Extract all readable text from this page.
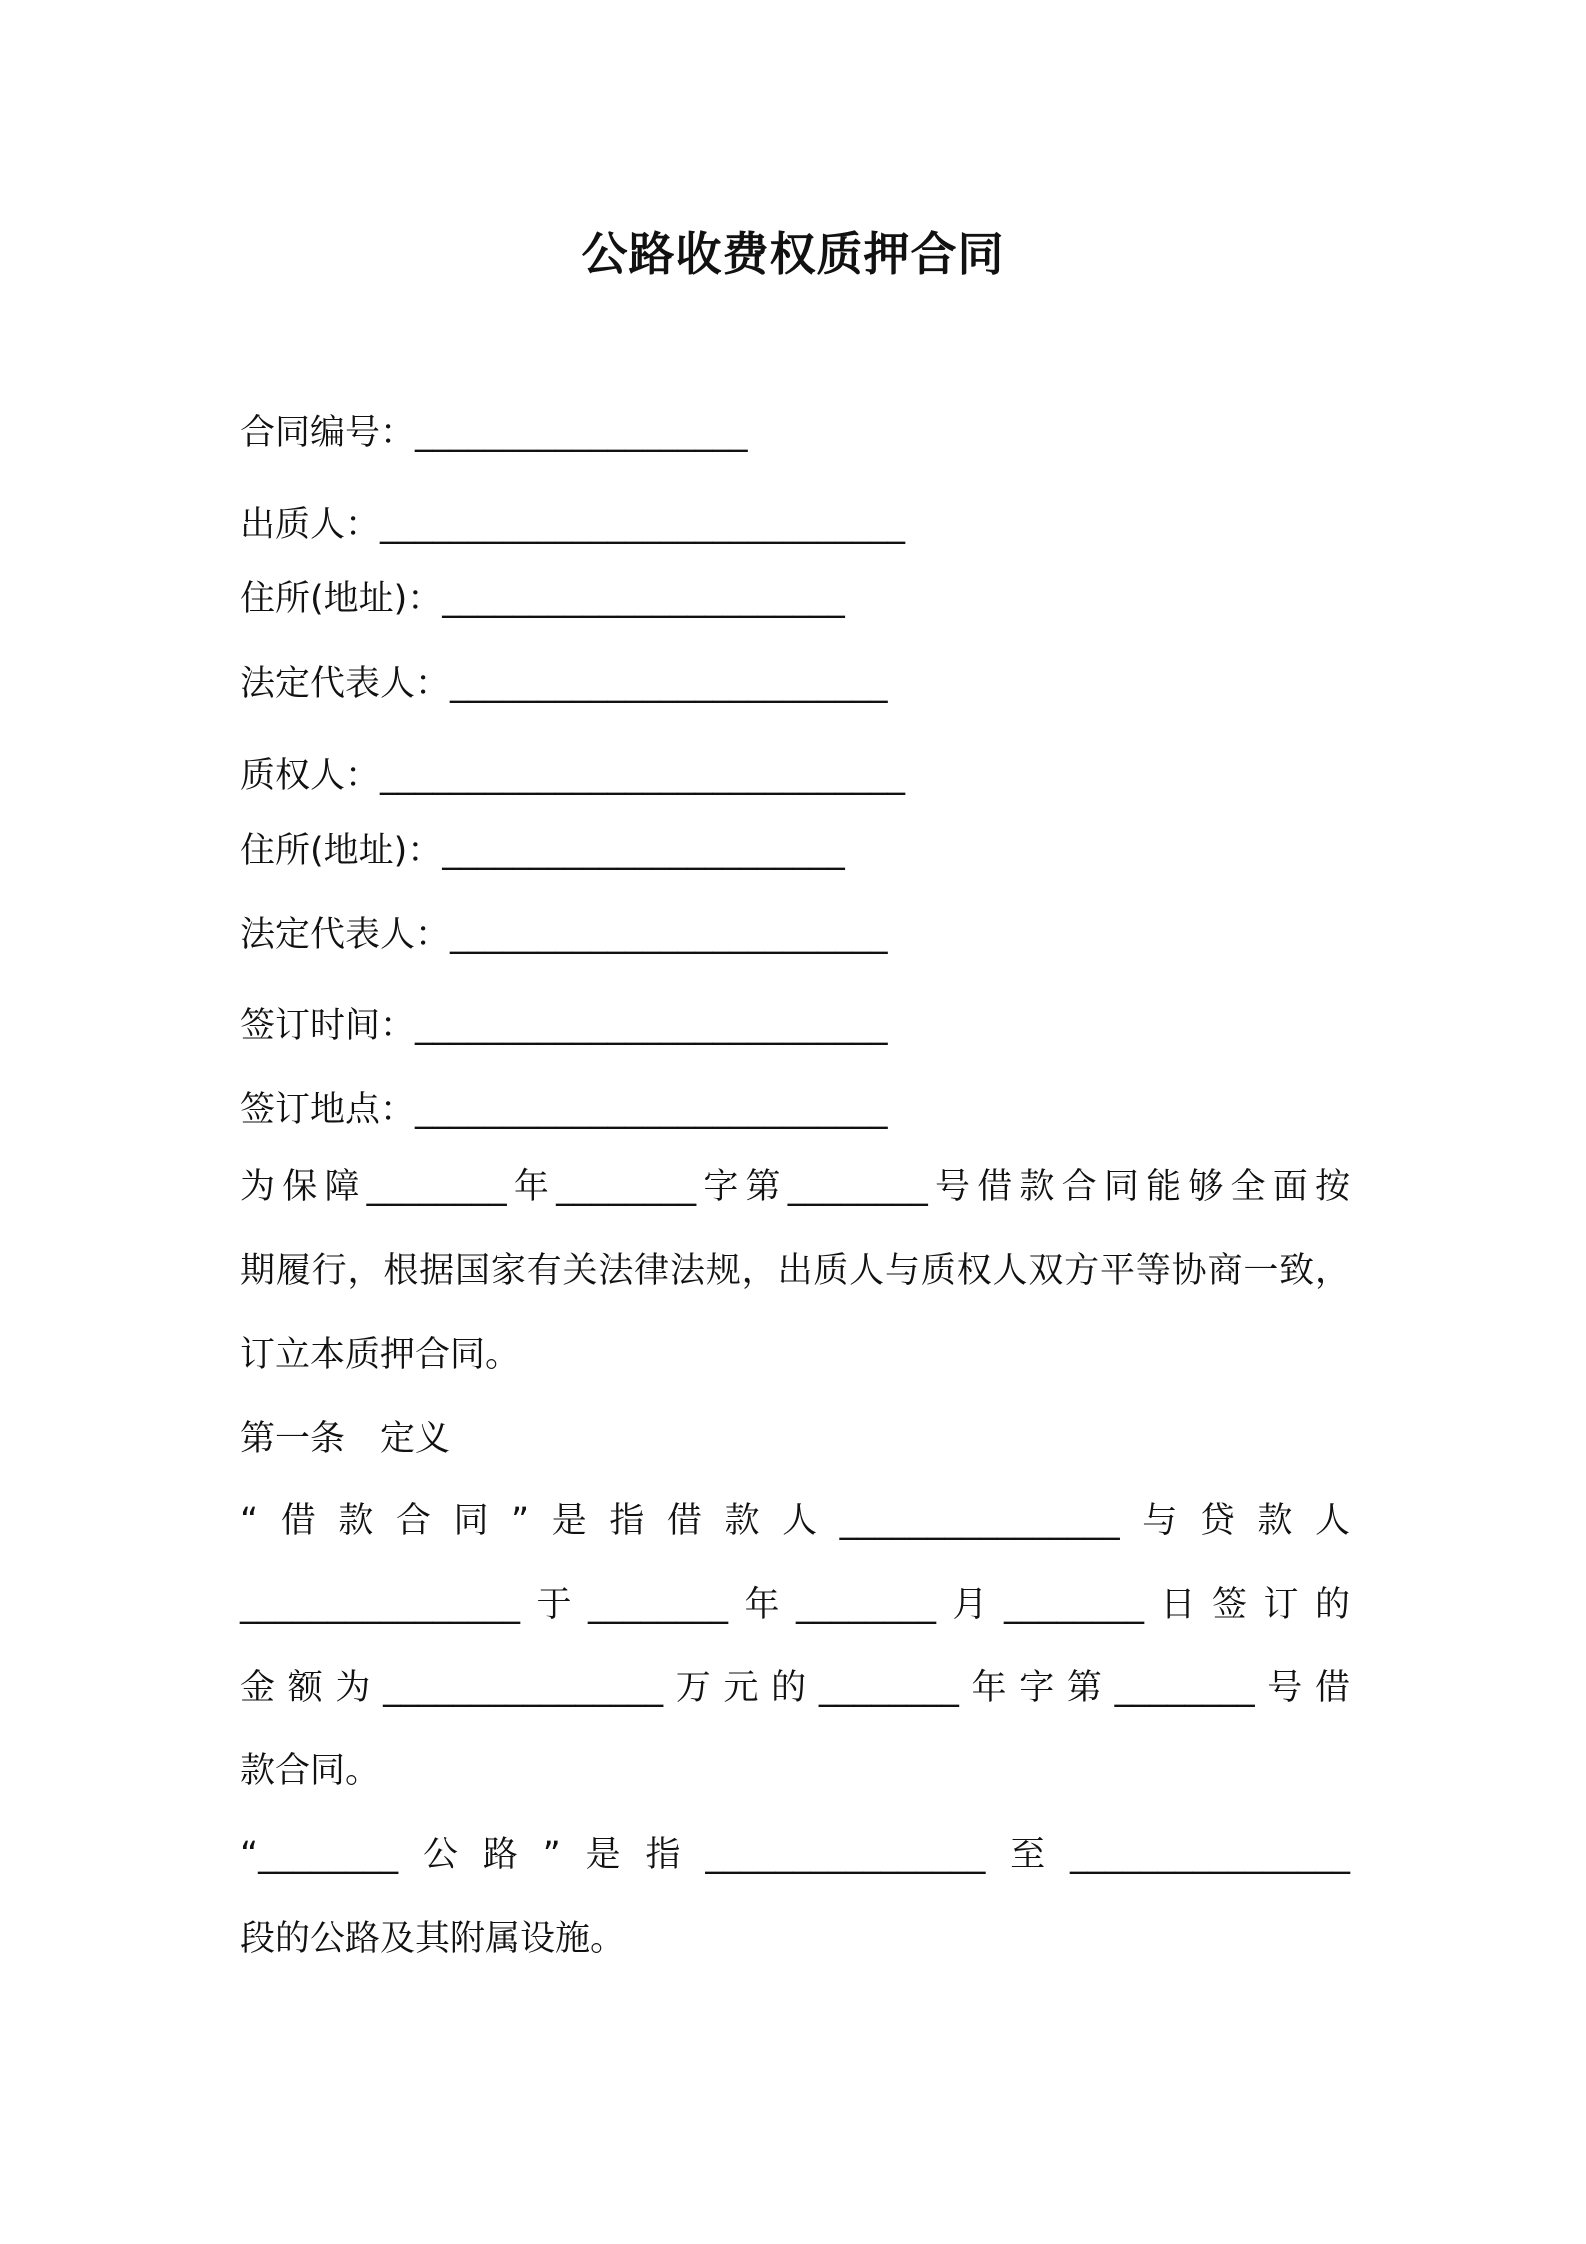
公路收费权质押合同
合同编号：___________________
出质人：______________________________
住所(地址)：_______________________
法定代表人：_________________________
质权人：______________________________
住所(地址)：_______________________
法定代表人：_________________________
签订时间：___________________________
签订地点：___________________________
为保障________年________字第________号借款合同能够全面按
期履行，根据国家有关法律法规，出质人与质权人双方平等协商一致，
订立本质押合同。
第一条　定义
“借款合同”是指借款人________________与贷款人
________________于________年________月________日签订的
金额为________________万元的________年字第________号借
款合同。
“________公路”是指________________至________________
段的公路及其附属设施。
